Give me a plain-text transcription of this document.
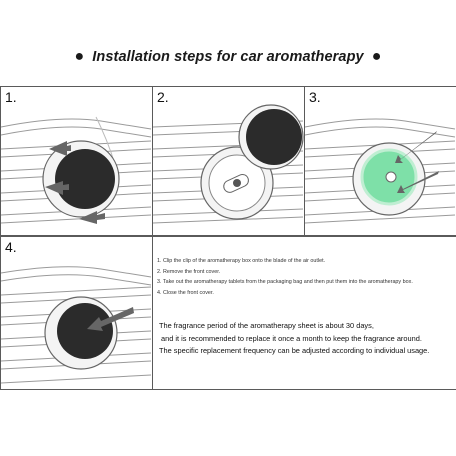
● Installation steps for car aromatherapy ●
1.	2.	3.
4.
1. Clip the clip of the aromatherapy box onto the blade of the air outlet.
2. Remove the front cover.
3. Take out the aromatherapy tablets from the packaging bag and then put them into the aromatherapy box.
4. Close the front cover.
The fragrance period of the aromatherapy sheet is about 30 days,
and it is recommended to replace it once a month to keep the fragrance around.
The specific replacement frequency can be adjusted according to individual usage.
